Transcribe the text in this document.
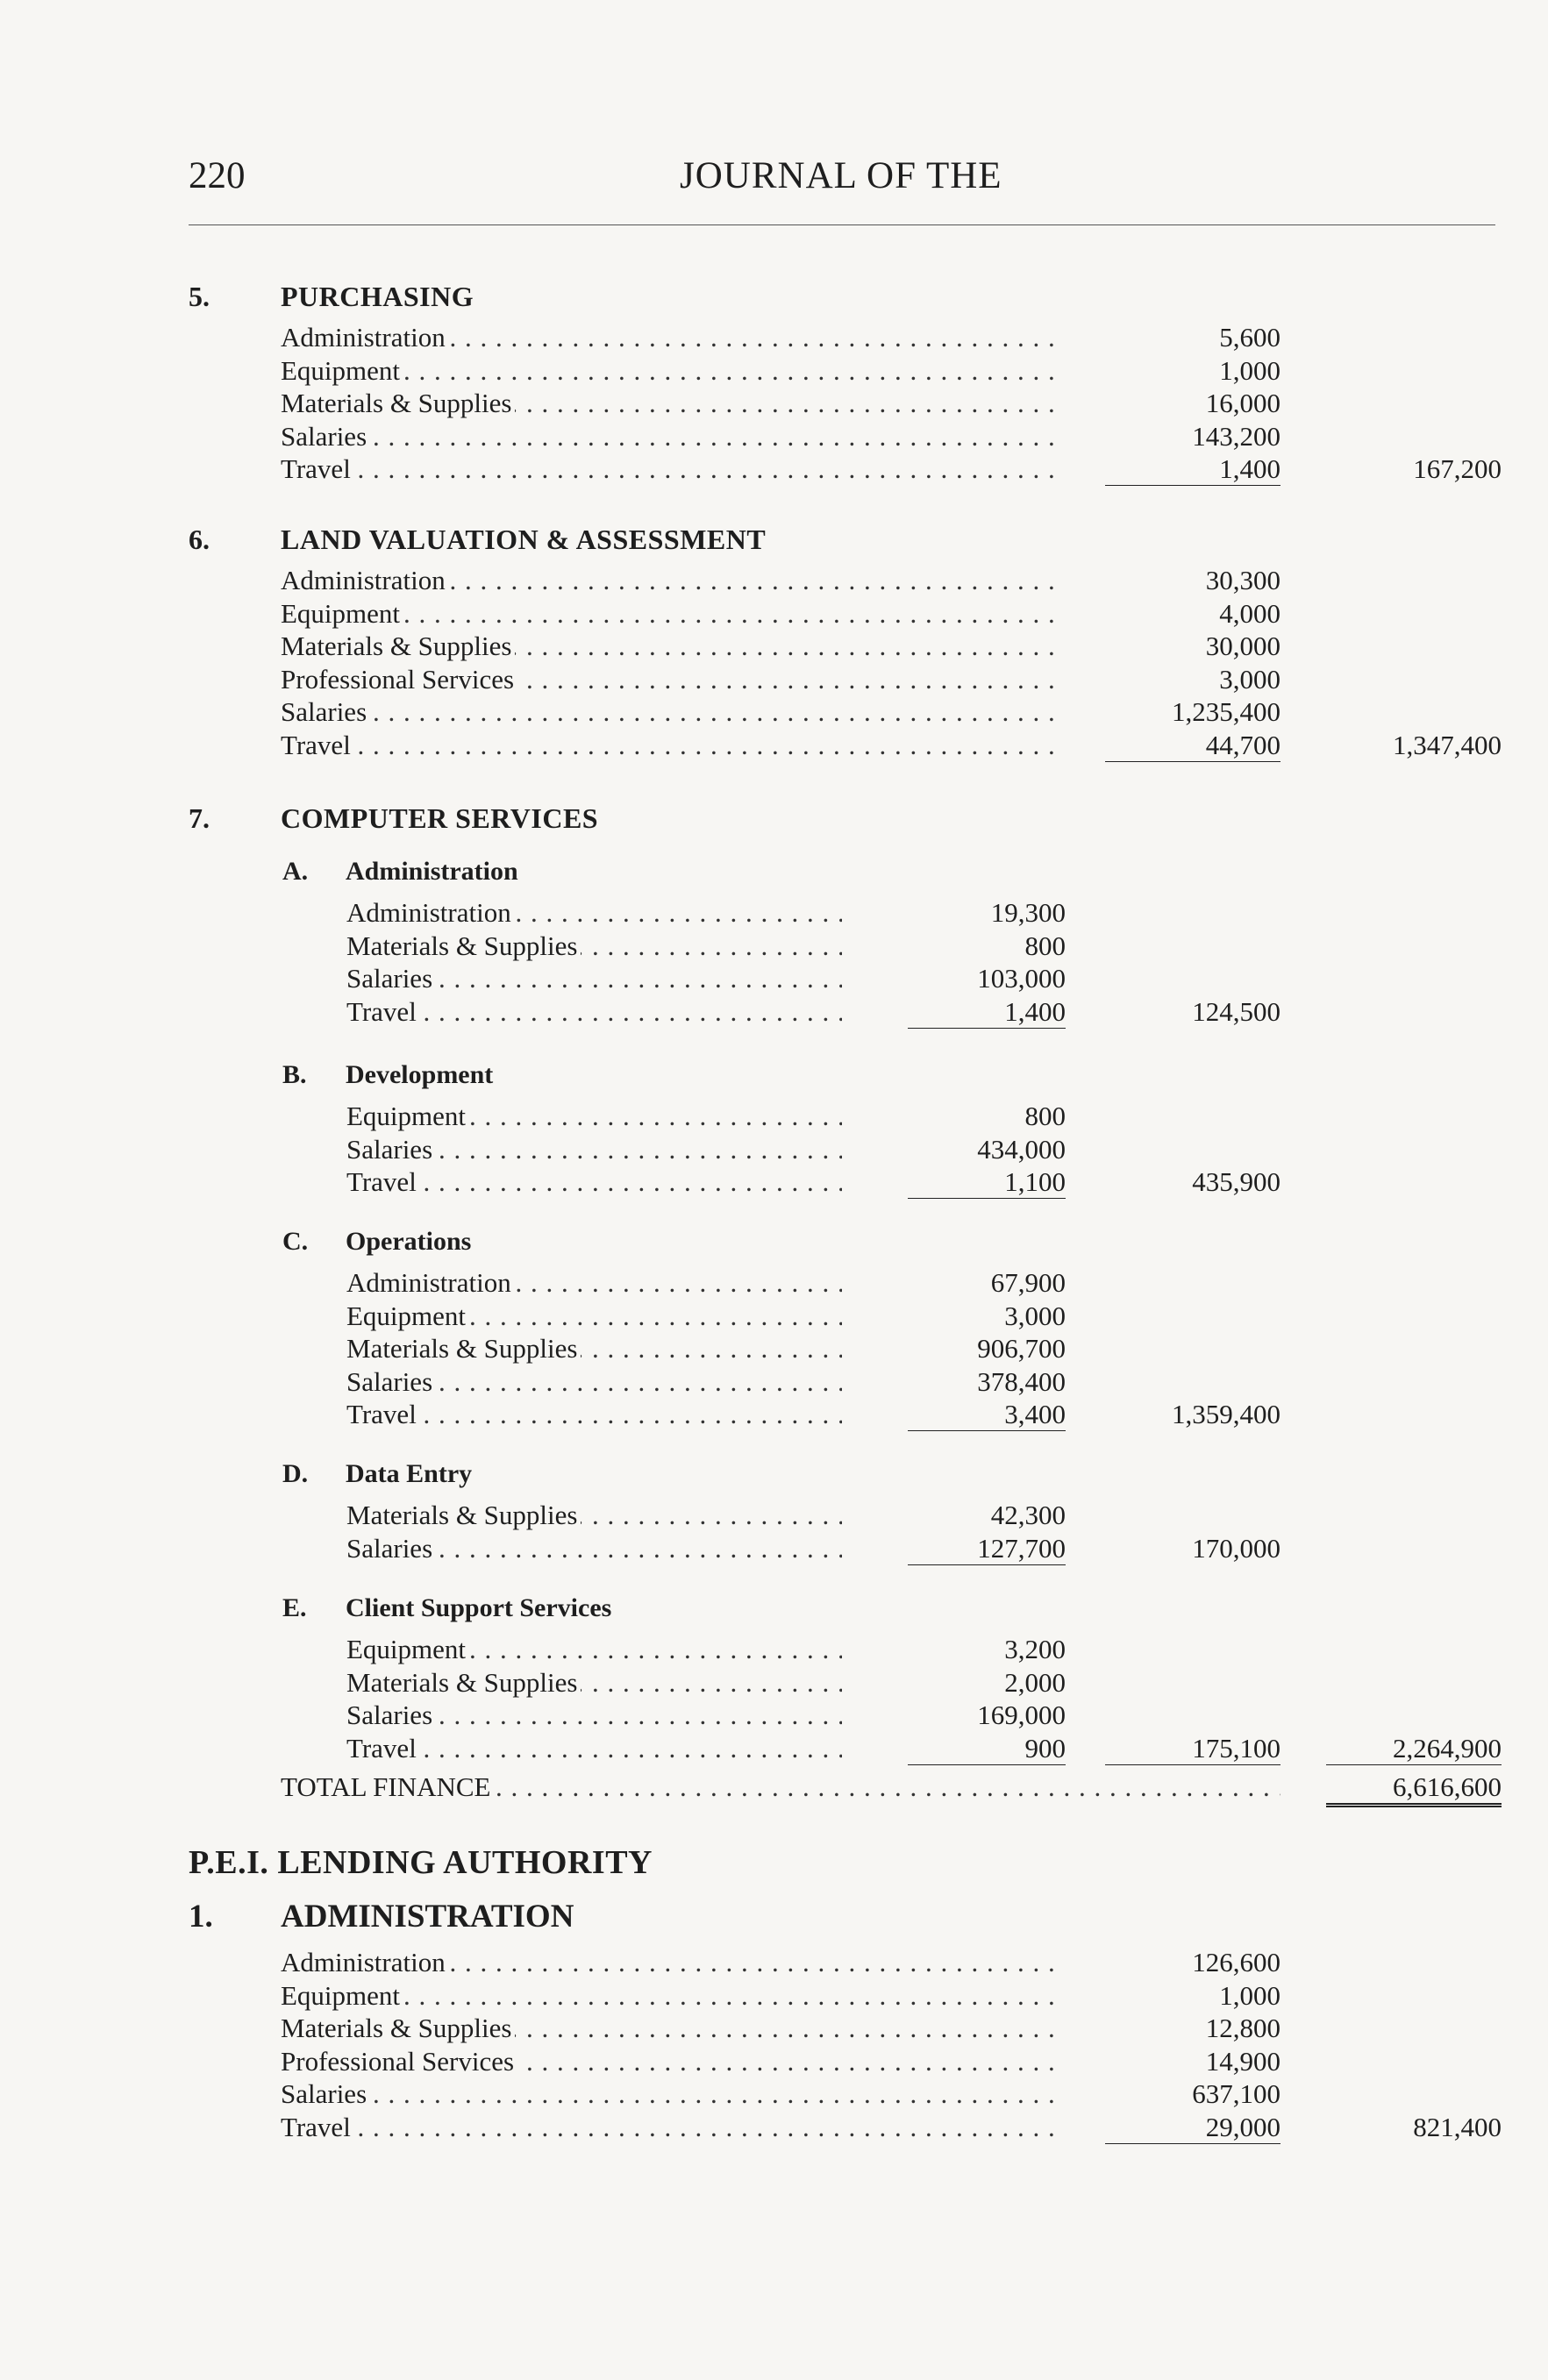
220	JOURNAL OF THE
5.	PURCHASING
Administration . . .	5,600
Equipment . . .	1,000
Materials & Supplies . . .	16,000
Salaries . . .	143,200
Travel . . .	1,400	167,200
6.	LAND VALUATION & ASSESSMENT
Administration . . .	30,300
Equipment . . .	4,000
Materials & Supplies . . .	30,000
Professional Services . . .	3,000
Salaries . . .	1,235,400
Travel . . .	44,700	1,347,400
7.	COMPUTER SERVICES
A. Administration
Administration . . .	19,300
Materials & Supplies . . .	800
Salaries . . .	103,000
Travel . . .	1,400	124,500
B. Development
Equipment . . .	800
Salaries . . .	434,000
Travel . . .	1,100	435,900
C. Operations
Administration . . .	67,900
Equipment . . .	3,000
Materials & Supplies . . .	906,700
Salaries . . .	378,400
Travel . . .	3,400	1,359,400
D. Data Entry
Materials & Supplies . . .	42,300
Salaries . . .	127,700	170,000
E. Client Support Services
Equipment . . .	3,200
Materials & Supplies . . .	2,000
Salaries . . .	169,000
Travel . . .	900	175,100	2,264,900
TOTAL FINANCE . . .	6,616,600
P.E.I. LENDING AUTHORITY
1. ADMINISTRATION
Administration . . .	126,600
Equipment . . .	1,000
Materials & Supplies . . .	12,800
Professional Services . . .	14,900
Salaries . . .	637,100
Travel . . .	29,000	821,400
